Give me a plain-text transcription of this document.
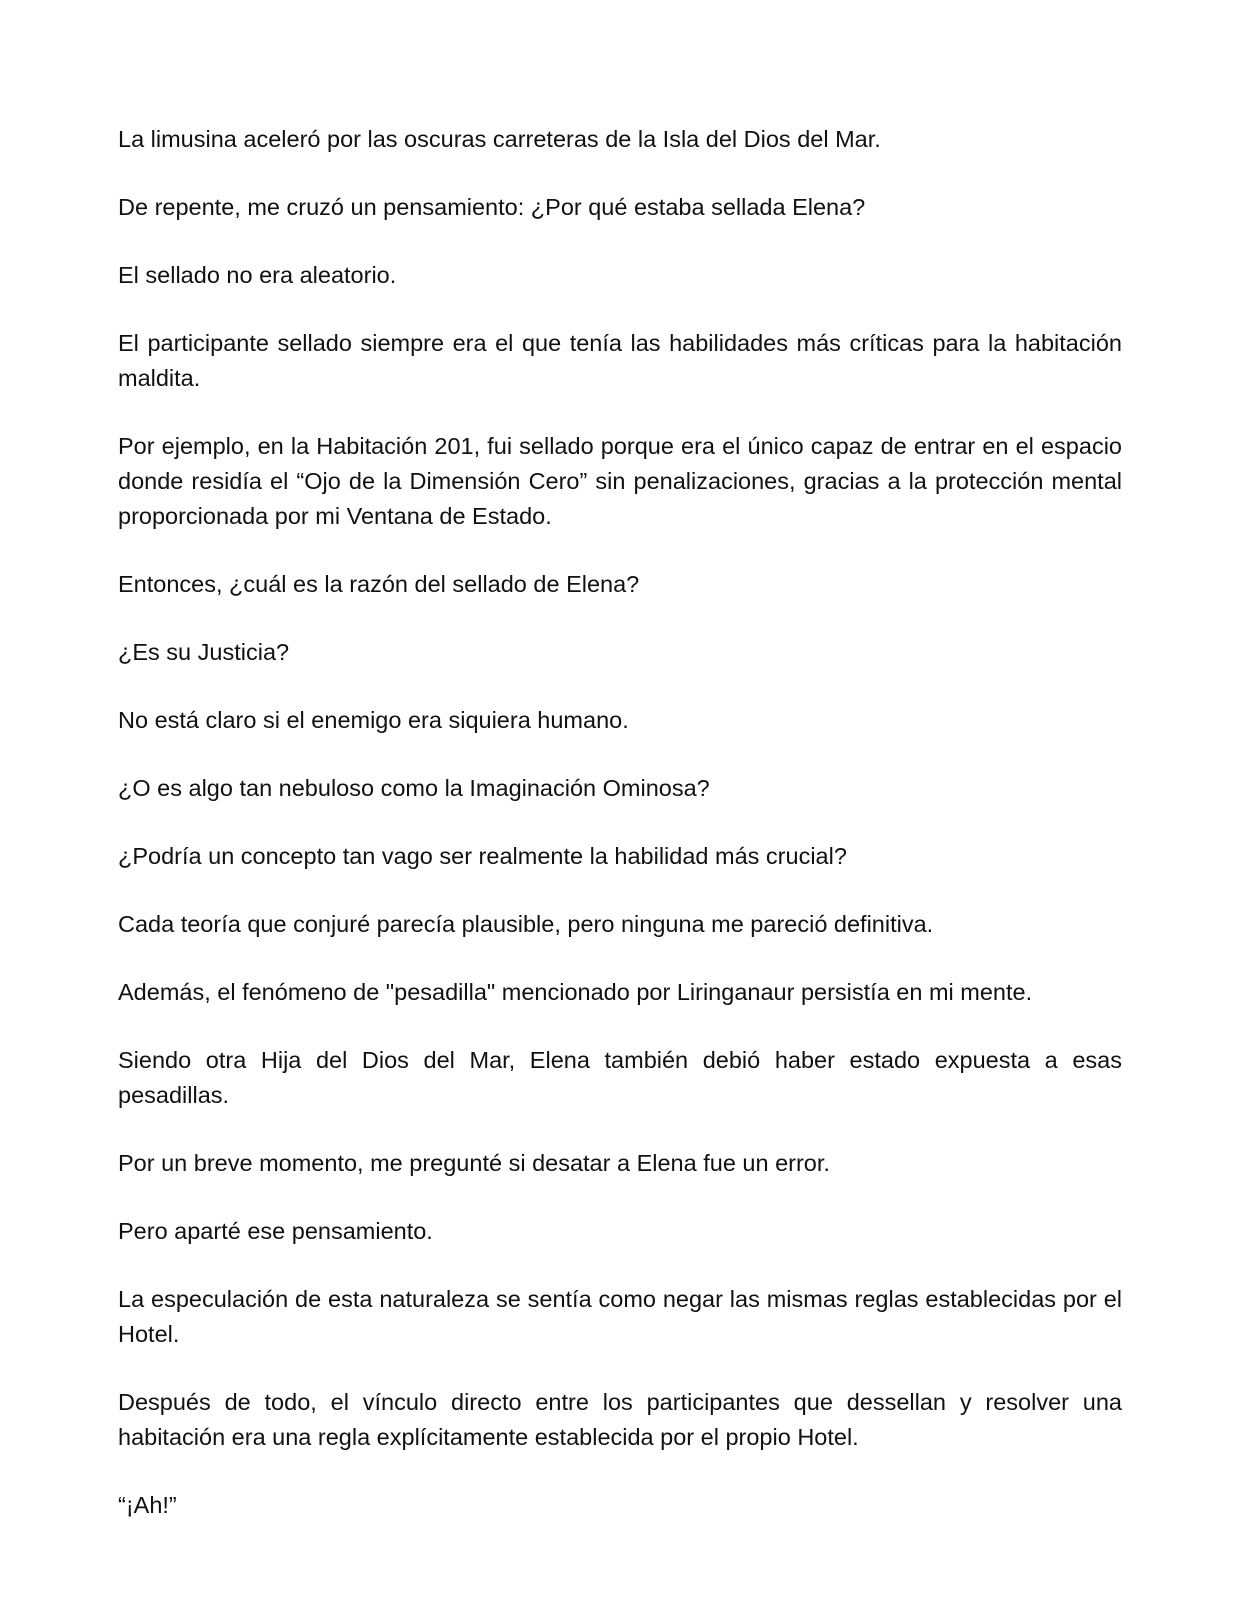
La limusina aceleró por las oscuras carreteras de la Isla del Dios del Mar.

De repente, me cruzó un pensamiento: ¿Por qué estaba sellada Elena?

El sellado no era aleatorio.

El participante sellado siempre era el que tenía las habilidades más críticas para la habitación maldita.

Por ejemplo, en la Habitación 201, fui sellado porque era el único capaz de entrar en el espacio donde residía el “Ojo de la Dimensión Cero” sin penalizaciones, gracias a la protección mental proporcionada por mi Ventana de Estado.

Entonces, ¿cuál es la razón del sellado de Elena?

¿Es su Justicia?

No está claro si el enemigo era siquiera humano.

¿O es algo tan nebuloso como la Imaginación Ominosa?

¿Podría un concepto tan vago ser realmente la habilidad más crucial?

Cada teoría que conjuré parecía plausible, pero ninguna me pareció definitiva.

Además, el fenómeno de "pesadilla" mencionado por Liringanaur persistía en mi mente.

Siendo otra Hija del Dios del Mar, Elena también debió haber estado expuesta a esas pesadillas.

Por un breve momento, me pregunté si desatar a Elena fue un error.

Pero aparté ese pensamiento.

La especulación de esta naturaleza se sentía como negar las mismas reglas establecidas por el Hotel.

Después de todo, el vínculo directo entre los participantes que dessellan y resolver una habitación era una regla explícitamente establecida por el propio Hotel.

“¡Ah!”
